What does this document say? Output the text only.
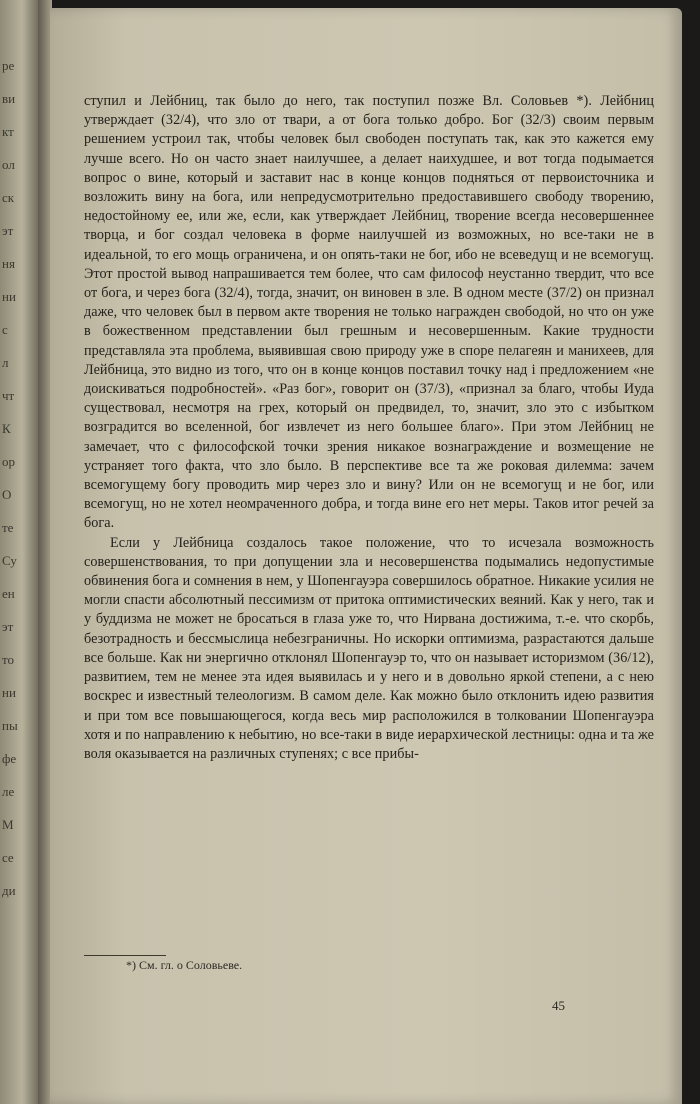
ре
ви
кт
ол
ск
эт
ня
ни
с
л
чт
К
ор
О
те
Су
ен
эт
то
ни
пы
фе
ле
М
се
ди

ступил и Лейбниц, так было до него, так поступил позже Вл. Соловьев *). Лейбниц утверждает (32/4), что зло от твари, а от бога только добро. Бог (32/3) своим первым решением устроил так, чтобы человек был свободен поступать так, как это кажется ему лучше всего. Но он часто знает наилучшее, а делает наихудшее, и вот тогда подымается вопрос о вине, который и заставит нас в конце концов подняться от первоисточника и возложить вину на бога, или непредусмотрительно предоставившего свободу творению, недостойному ее, или же, если, как утверждает Лейбниц, творение всегда несовершеннее творца, и бог создал человека в форме наилучшей из возможных, но все-таки не в идеальной, то его мощь ограничена, и он опять-таки не бог, ибо не всеведущ и не всемогущ. Этот простой вывод напрашивается тем более, что сам философ неустанно твердит, что все от бога, и через бога (32/4), тогда, значит, он виновен в зле. В одном месте (37/2) он признал даже, что человек был в первом акте творения не только награжден свободой, но что он уже в божественном представлении был грешным и несовершенным. Какие трудности представляла эта проблема, выявившая свою природу уже в споре пелагеян и манихеев, для Лейбница, это видно из того, что он в конце концов поставил точку над i предложением «не доискиваться подробностей». «Раз бог», говорит он (37/3), «признал за благо, чтобы Иуда существовал, несмотря на грех, который он предвидел, то, значит, зло это с избытком возградится во вселенной, бог извлечет из него большее благо». При этом Лейбниц не замечает, что с философской точки зрения никакое вознаграждение и возмещение не устраняет того факта, что зло было. В перспективе все та же роковая дилемма: зачем всемогущему богу проводить мир через зло и вину? Или он не всемогущ и не бог, или всемогущ, но не хотел неомраченного добра, и тогда вине его нет меры. Таков итог речей за бога.

Если у Лейбница создалось такое положение, что то исчезала возможность совершенствования, то при допущении зла и несовершенства подымались недопустимые обвинения бога и сомнения в нем, у Шопенгауэра совершилось обратное. Никакие усилия не могли спасти абсолютный пессимизм от притока оптимистических веяний. Как у него, так и у буддизма не может не бросаться в глаза уже то, что Нирвана достижима, т.-е. что скорбь, безотрадность и бессмыслица небезграничны. Но искорки оптимизма, разрастаются дальше все больше. Как ни энергично отклонял Шопенгауэр то, что он называет историзмом (36/12), развитием, тем не менее эта идея выявилась и у него и в довольно яркой степени, а с нею воскрес и известный телеологизм. В самом деле. Как можно было отклонить идею развития и при том все повышающегося, когда весь мир расположился в толковании Шопенгауэра хотя и по направлению к небытию, но все-таки в виде иерархической лестницы: одна и та же воля оказывается на различных ступенях; с все прибы-

*) См. гл. о Соловьеве.
45
